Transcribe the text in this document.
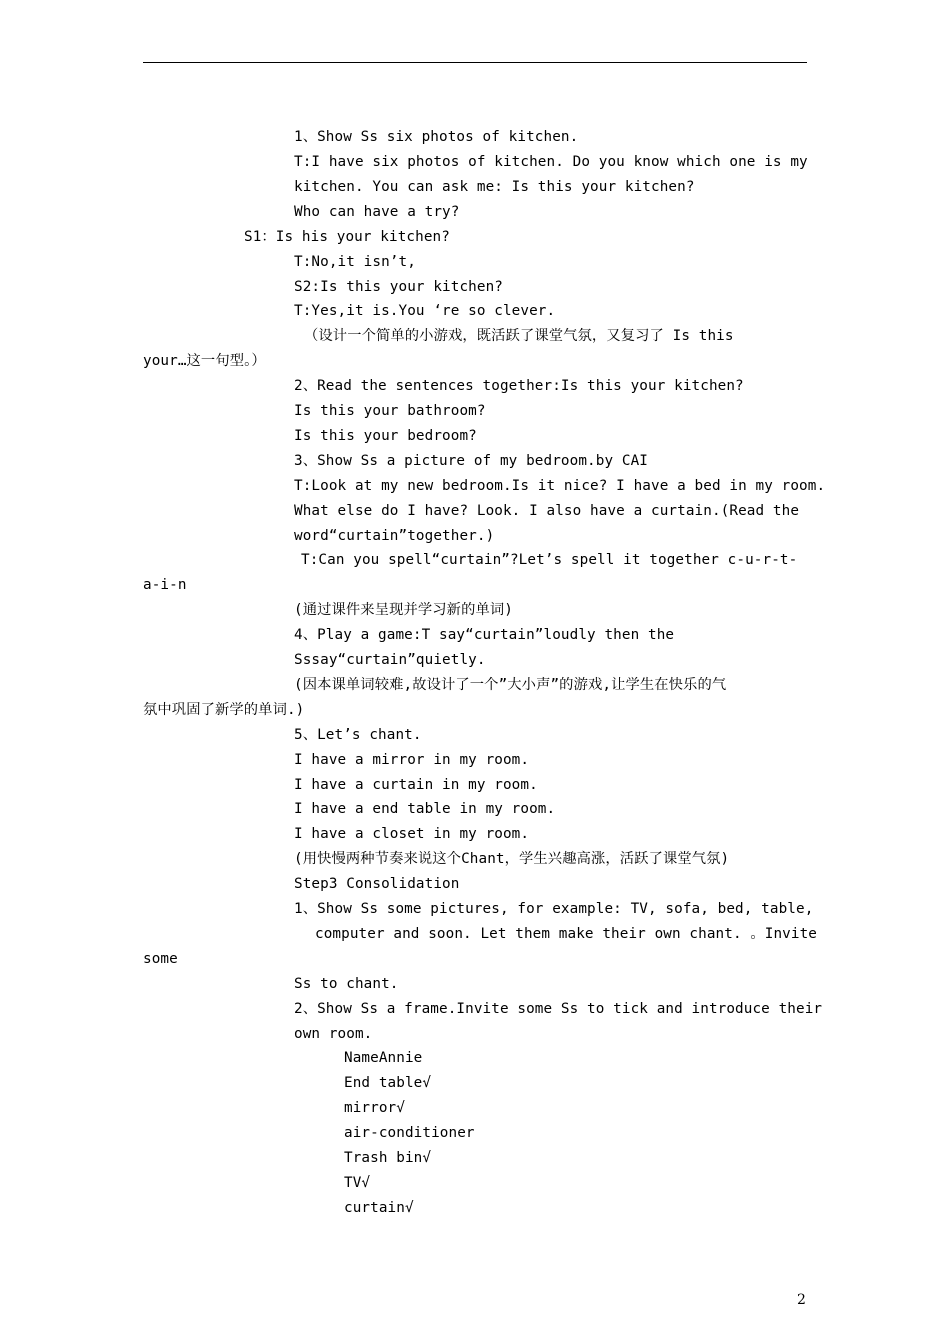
1、Show Ss six photos of kitchen.
T:I have six photos of kitchen. Do you know which one is my
kitchen. You can ask me: Is this your kitchen?
Who can have a try?
S1：Is his your kitchen?
T:No,it isn’t,
S2:Is this your kitchen?
T:Yes,it is.You ‘re so clever.
（设计一个简单的小游戏，既活跃了课堂气氛，又复习了 Is this
your…这一句型。）
2、Read the sentences together:Is this your kitchen?
Is this your bathroom?
Is this your bedroom?
3、Show Ss a picture of my bedroom.by CAI
T:Look at my new bedroom.Is it nice? I have a bed in my room.
What else do I have? Look. I also have a curtain.(Read the
word“curtain”together.)
T:Can you spell“curtain”?Let’s spell it together c-u-r-t-
a-i-n
(通过课件来呈现并学习新的单词)
4、Play a game:T say“curtain”loudly then the
Sssay“curtain”quietly.
(因本课单词较难,故设计了一个”大小声”的游戏,让学生在快乐的气
氛中巩固了新学的单词.)
5、Let’s chant.
I have a mirror in my room.
I have a curtain in my room.
I have a end table in my room.
I have a closet in my room.
(用快慢两种节奏来说这个Chant，学生兴趣高涨，活跃了课堂气氛)
Step3 Consolidation
1、Show Ss some pictures, for example: TV, sofa, bed, table,
computer and soon. Let them make their own chant. 。Invite
some
Ss to chant.
2、Show Ss a frame.Invite some Ss to tick and introduce their
own room.
NameAnnie
End table√
mirror√
air-conditioner
Trash bin√
TV√
curtain√
2
